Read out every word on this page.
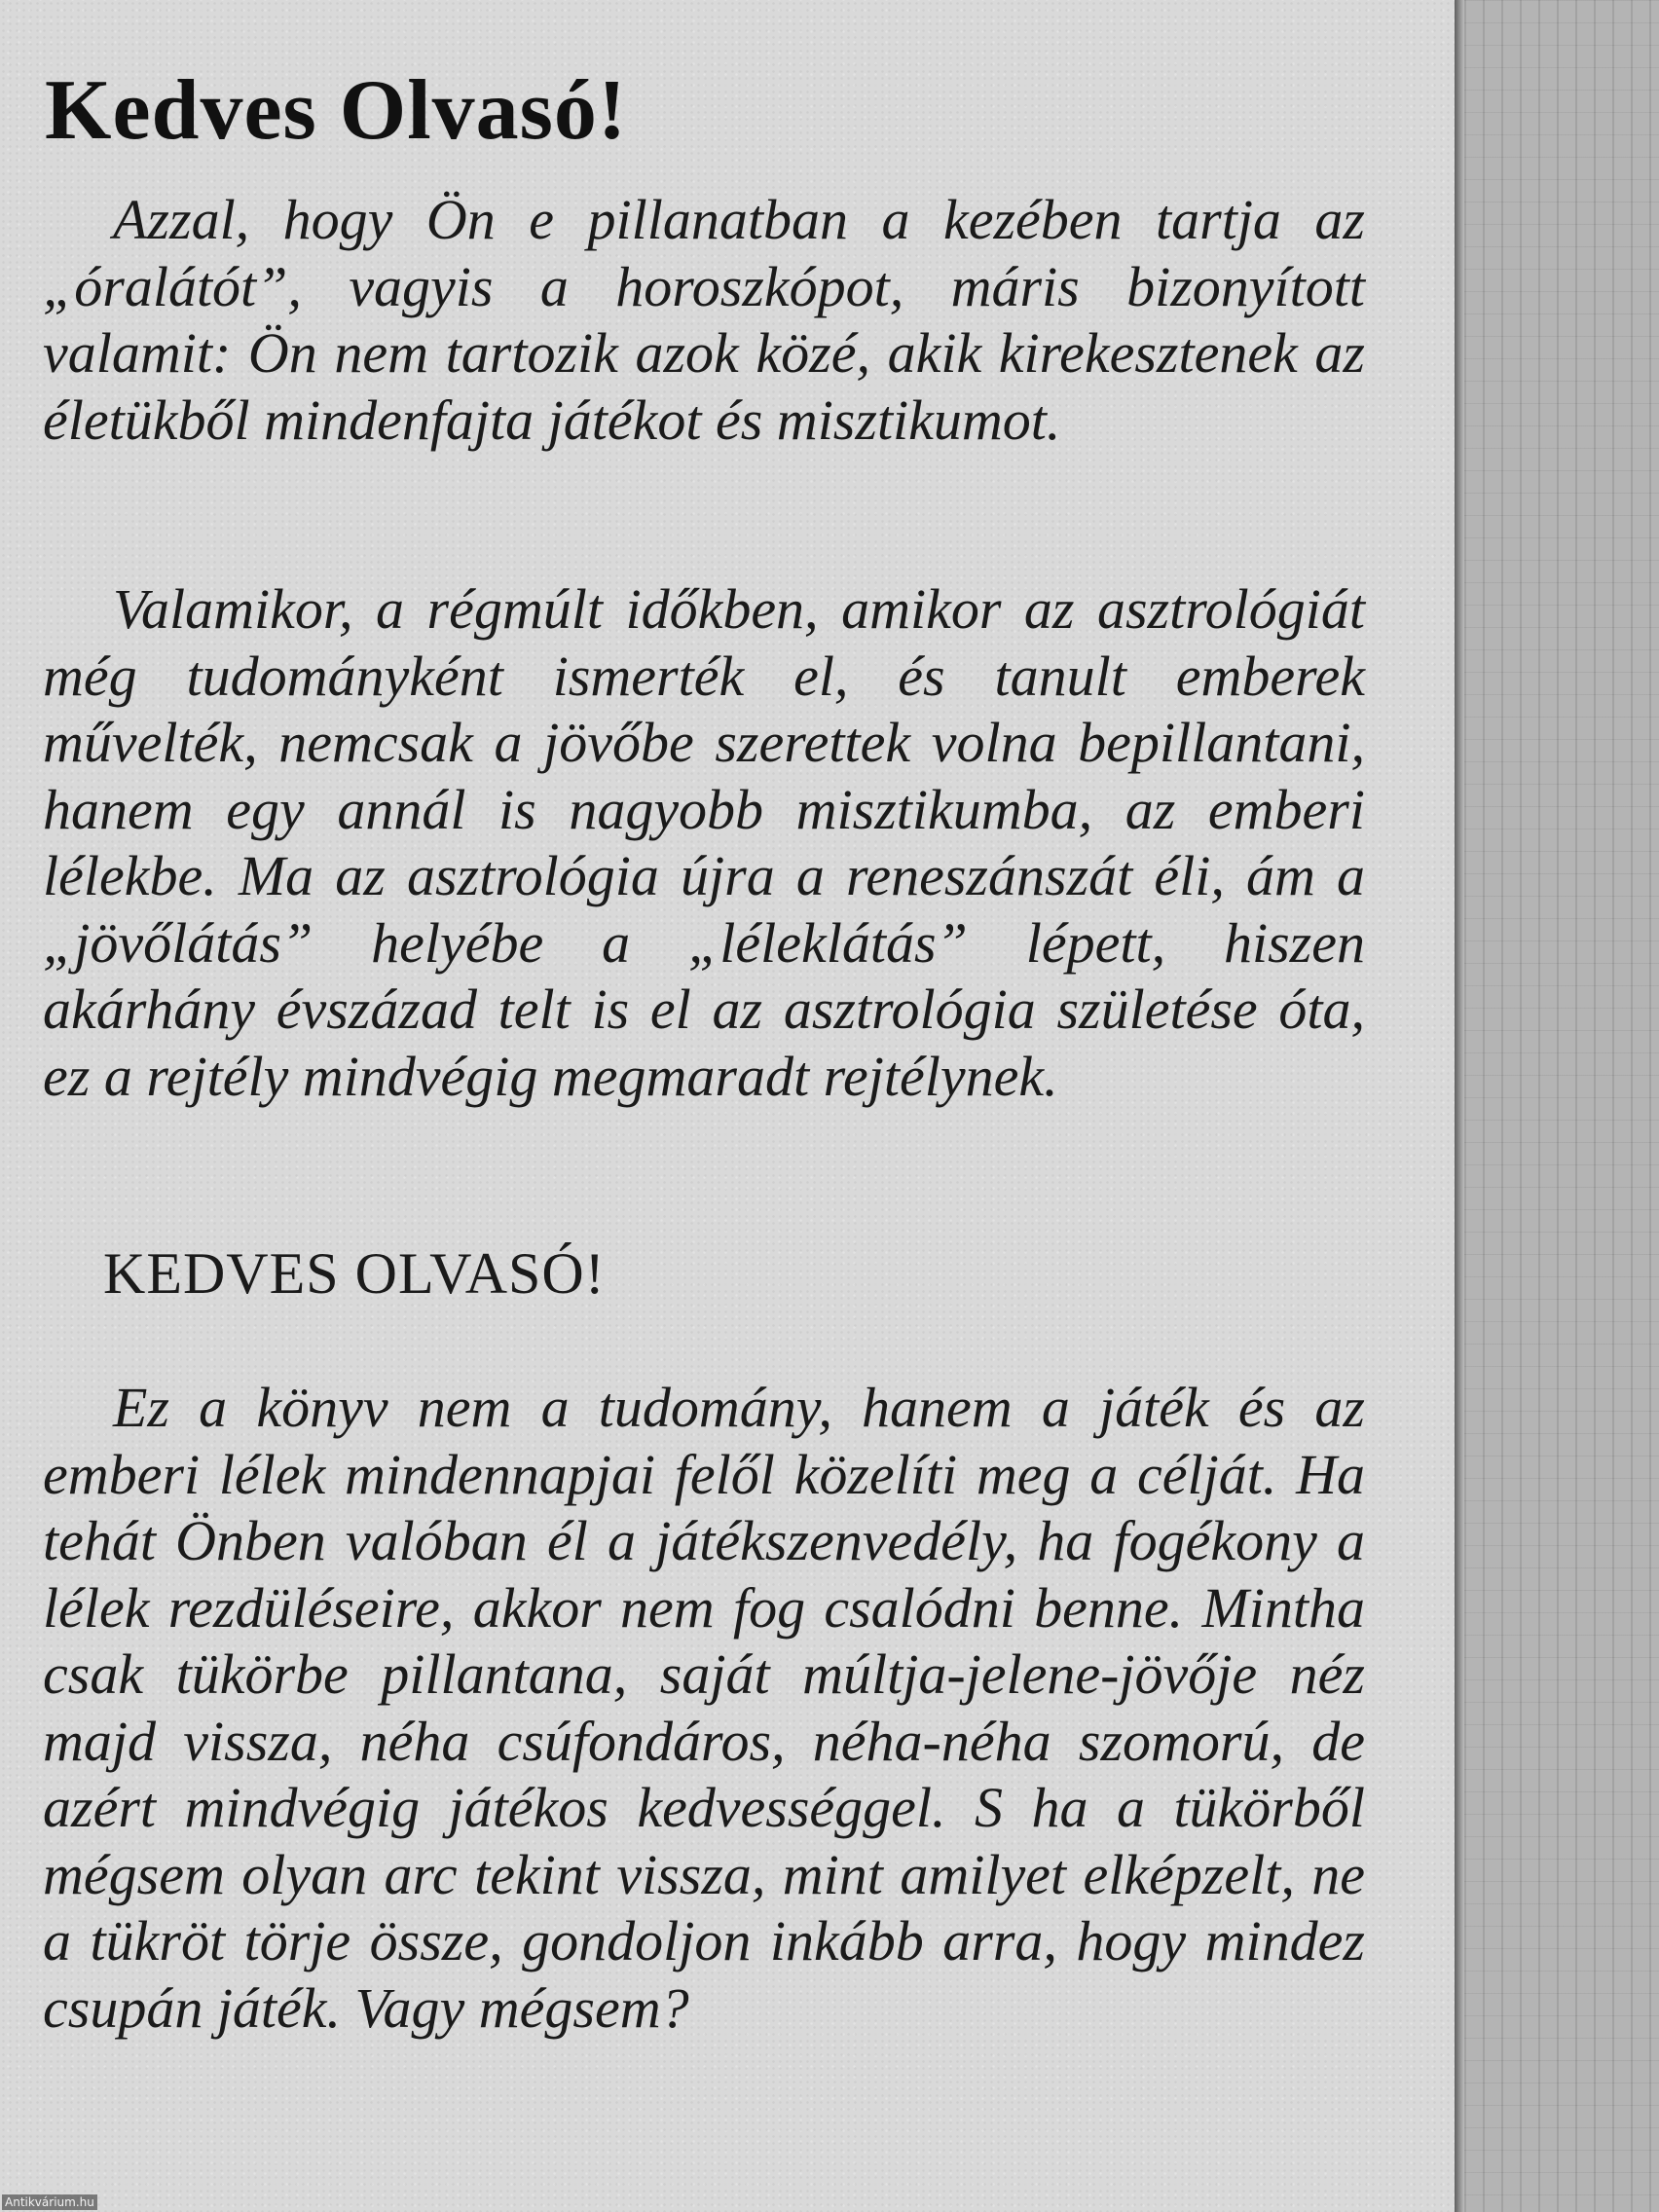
Kedves Olvasó!

Azzal, hogy Ön e pillanatban a kezében tartja az „óralátót”, vagyis a horoszkópot, máris bizonyított valamit: Ön nem tartozik azok közé, akik kirekesztenek az életükből mindenfajta játékot és misztikumot.

Valamikor, a régmúlt időkben, amikor az asztrológiát még tudományként ismerték el, és tanult emberek művelték, nemcsak a jövőbe szerettek volna bepillantani, hanem egy annál is nagyobb misztikumba, az emberi lélekbe. Ma az asztrológia újra a reneszánszát éli, ám a „jövőlátás” helyébe a „léleklátás” lépett, hiszen akárhány évszázad telt is el az asztrológia születése óta, ez a rejtély mindvégig megmaradt rejtélynek.

KEDVES OLVASÓ!

Ez a könyv nem a tudomány, hanem a játék és az emberi lélek mindennapjai felől közelíti meg a célját. Ha tehát Önben valóban él a játékszenvedély, ha fogékony a lélek rezdüléseire, akkor nem fog csalódni benne. Mintha csak tükörbe pillantana, saját múltja-jelene-jövője néz majd vissza, néha csúfondáros, néha-néha szomorú, de azért mindvégig játékos kedvességgel. S ha a tükörből mégsem olyan arc tekint vissza, mint amilyet elképzelt, ne a tükröt törje össze, gondoljon inkább arra, hogy mindez csupán játék. Vagy mégsem?

Antikvárium.hu
